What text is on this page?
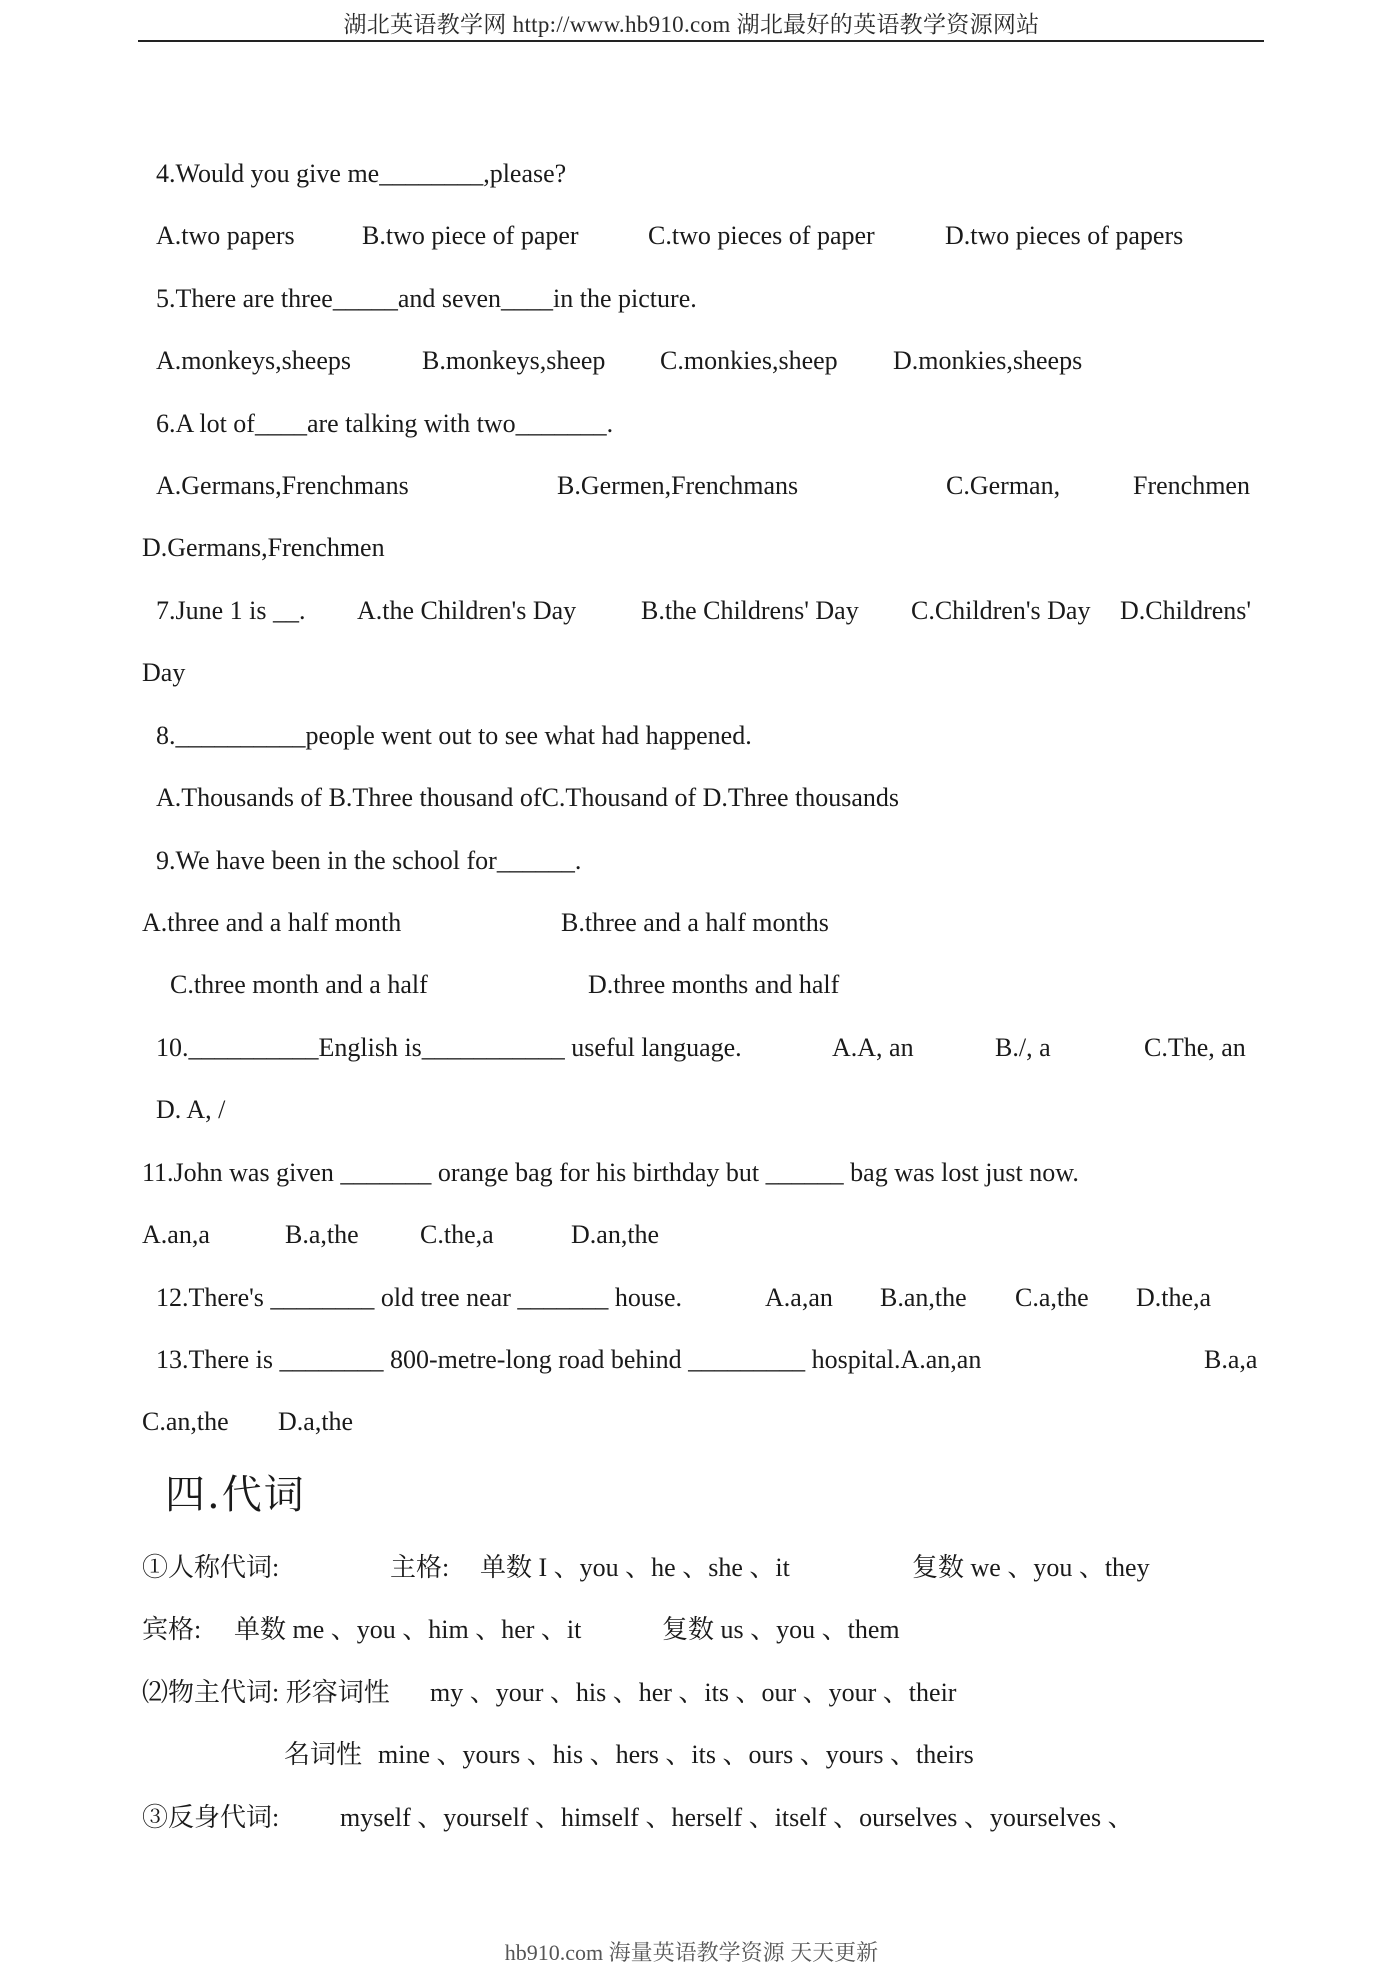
湖北英语教学网 http://www.hb910.com 湖北最好的英语教学资源网站
4.Would you give me________,please?
A.two papers	B.two piece of paper	C.two pieces of paper	D.two pieces of papers
5.There are three_____and seven____in the picture.
A.monkeys,sheeps	B.monkeys,sheep C.monkies,sheep D.monkies,sheeps
6.A lot of____are talking with two_______.
A.Germans,Frenchmans	B.Germen,Frenchmans	C.German,	Frenchmen
D.Germans,Frenchmen
7.June 1 is __. A.the Children's Day B.the Childrens' Day C.Children's Day D.Childrens'
Day
8.__________people went out to see what had happened.
A.Thousands of B.Three thousand ofC.Thousand of D.Three thousands
9.We have been in the school for______.
A.three and a half month	B.three and a half months
C.three month and a half	D.three months and half
10.__________English is___________ useful language.	A.A, an	B./, a	C.The, an
D. A, /
11.John was given _______ orange bag for his birthday but ______ bag was lost just now.
A.an,a	B.a,the C.the,a	D.an,the
12.There's ________ old tree near _______ house.	A.a,an B.an,the C.a,the D.the,a
13.There is ________ 800-metre-long road behind _________ hospital.A.an,an	B.a,a
C.an,the D.a,the
四.代词
①人称代词:	主格: 单数 I 、you 、he 、she 、it	复数 we 、you 、they
宾格: 单数 me 、you 、him 、her 、it	复数 us 、you 、them
⑵物主代词: 形容词性 my 、your 、his 、her 、its 、our 、your 、their
名词性 mine 、yours 、his 、hers 、its 、ours 、yours 、theirs
③反身代词: myself 、yourself 、himself 、herself 、itself 、ourselves 、yourselves 、
hb910.com 海量英语教学资源 天天更新
